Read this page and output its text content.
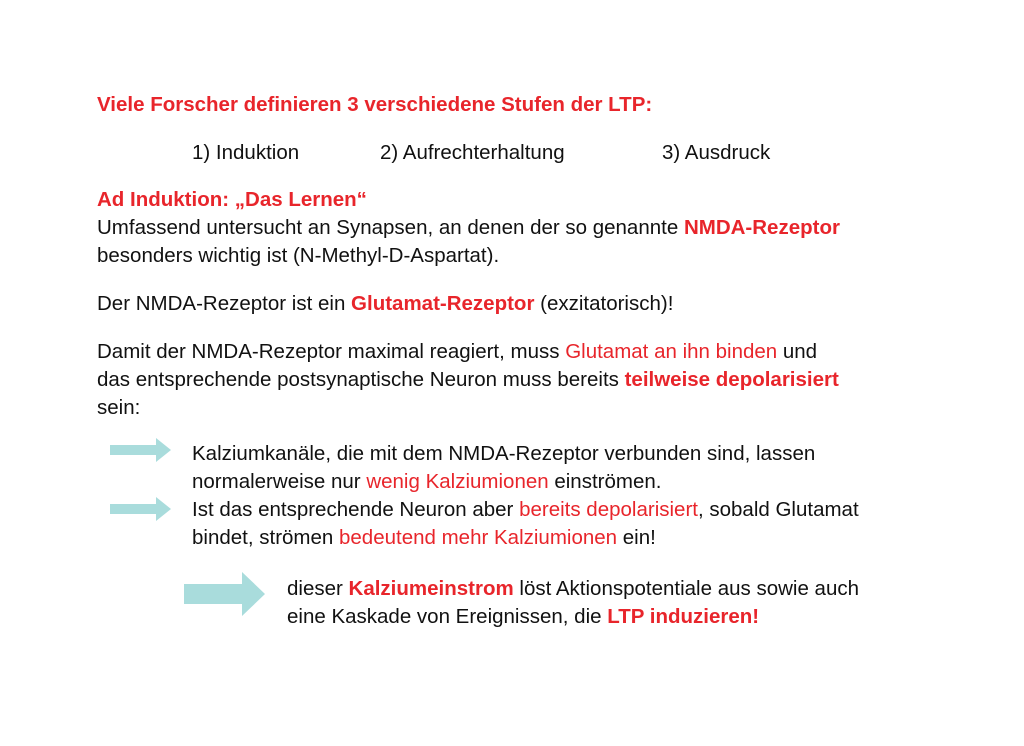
Viele Forscher definieren 3 verschiedene Stufen der LTP:
1) Induktion	2) Aufrechterhaltung	3) Ausdruck
Ad Induktion: „Das Lernen“
Umfassend untersucht an Synapsen, an denen der so genannte NMDA-Rezeptor
besonders wichtig ist (N-Methyl-D-Aspartat).
Der NMDA-Rezeptor ist ein Glutamat-Rezeptor (exzitatorisch)!
Damit der NMDA-Rezeptor maximal reagiert, muss Glutamat an ihn binden und
das entsprechende postsynaptische Neuron muss bereits teilweise depolarisiert
sein:
Kalziumkanäle, die mit dem NMDA-Rezeptor verbunden sind, lassen
normalerweise nur wenig Kalziumionen einströmen.
Ist das entsprechende Neuron aber bereits depolarisiert, sobald Glutamat
bindet, strömen bedeutend mehr Kalziumionen ein!
dieser Kalziumeinstrom löst Aktionspotentiale aus sowie auch
eine Kaskade von Ereignissen, die LTP induzieren!
